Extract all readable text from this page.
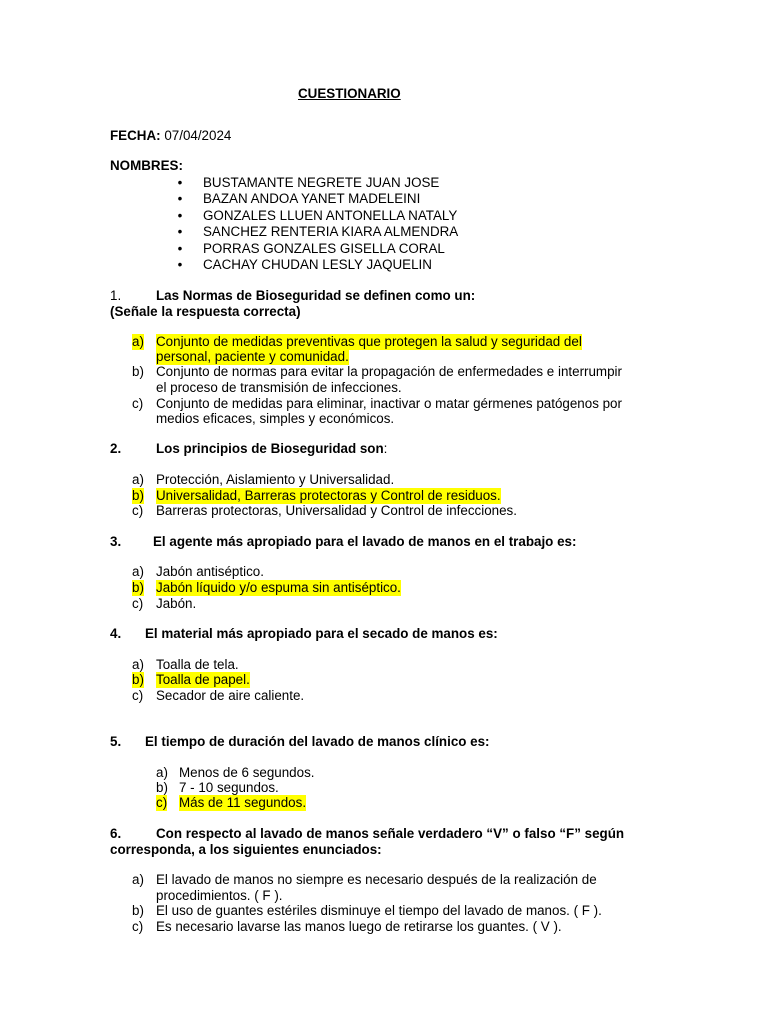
CUESTIONARIO
FECHA: 07/04/2024
NOMBRES:
• BUSTAMANTE NEGRETE JUAN JOSE
• BAZAN ANDOA YANET MADELEINI
• GONZALES LLUEN ANTONELLA NATALY
• SANCHEZ RENTERIA KIARA ALMENDRA
• PORRAS GONZALES GISELLA CORAL
• CACHAY CHUDAN LESLY JAQUELIN
1.	Las Normas de Bioseguridad se definen como un:
(Señale la respuesta correcta)
a) Conjunto de medidas preventivas que protegen la salud y seguridad del
personal, paciente y comunidad.
b) Conjunto de normas para evitar la propagación de enfermedades e interrumpir
el proceso de transmisión de infecciones.
c) Conjunto de medidas para eliminar, inactivar o matar gérmenes patógenos por
medios eficaces, simples y económicos.
2.	Los principios de Bioseguridad son:
a) Protección, Aislamiento y Universalidad.
b) Universalidad, Barreras protectoras y Control de residuos.
c) Barreras protectoras, Universalidad y Control de infecciones.
3. El agente más apropiado para el lavado de manos en el trabajo es:
a) Jabón antiséptico.
b) Jabón líquido y/o espuma sin antiséptico.
c) Jabón.
4. El material más apropiado para el secado de manos es:
a) Toalla de tela.
b) Toalla de papel.
c) Secador de aire caliente.
5. El tiempo de duración del lavado de manos clínico es:
a) Menos de 6 segundos.
b) 7 - 10 segundos.
c) Más de 11 segundos.
6.	Con respecto al lavado de manos señale verdadero “V” o falso “F” según
corresponda, a los siguientes enunciados:
a) El lavado de manos no siempre es necesario después de la realización de
procedimientos. ( F ).
b) El uso de guantes estériles disminuye el tiempo del lavado de manos. ( F ).
c) Es necesario lavarse las manos luego de retirarse los guantes. ( V ).
